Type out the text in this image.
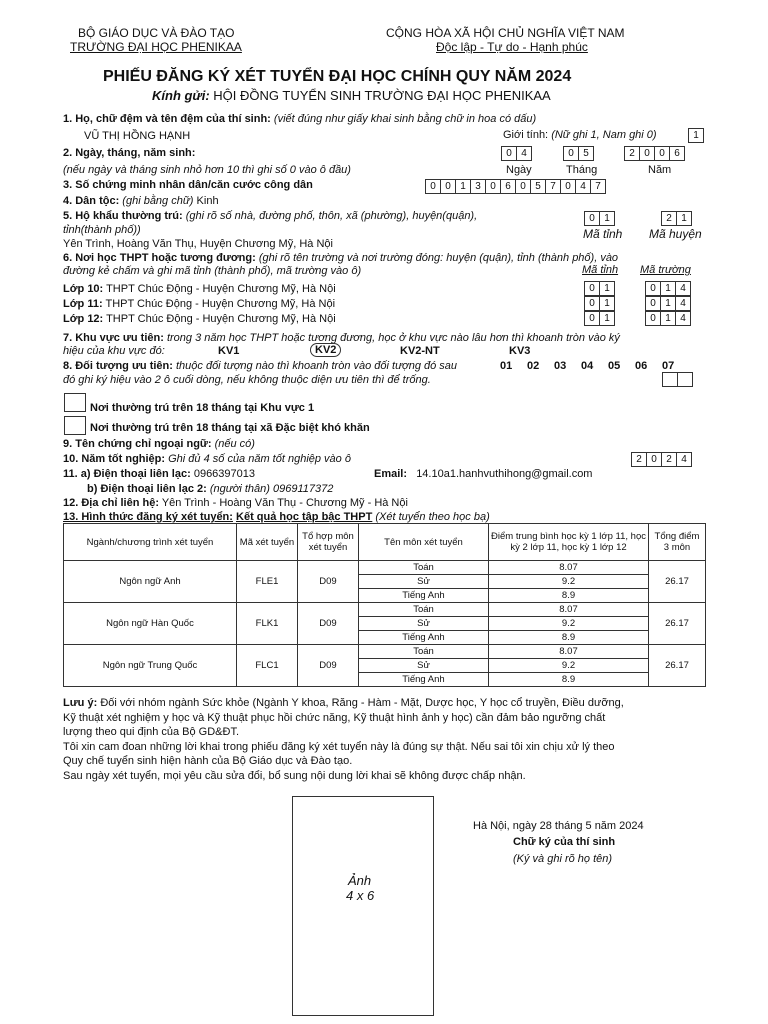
BỘ GIÁO DỤC VÀ ĐÀO TẠO
TRƯỜNG ĐẠI HỌC PHENIKAA
CỘNG HÒA XÃ HỘI CHỦ NGHĨA VIỆT NAM
Độc lập - Tự do - Hạnh phúc
PHIẾU ĐĂNG KÝ XÉT TUYỂN ĐẠI HỌC CHÍNH QUY NĂM 2024
Kính gửi: HỘI ĐỒNG TUYỂN SINH TRƯỜNG ĐẠI HỌC PHENIKAA
1. Họ, chữ đệm và tên đệm của thí sinh: (viết đúng như giấy khai sinh bằng chữ in hoa có dấu)
VŨ THỊ HỒNG HẠNH	Giới tính: (Nữ ghi 1, Nam ghi 0)	1
2. Ngày, tháng, năm sinh:	0 4	0 5	2 0 0 6
(nếu ngày và tháng sinh nhỏ hơn 10 thì ghi số 0 vào ô đầu)	Ngày	Tháng	Năm
3. Số chứng minh nhân dân/căn cước công dân	0 0 1 3 0 6 0 5 7 0 4 7
4. Dân tộc: (ghi bằng chữ) Kinh
5. Hộ khẩu thường trú: (ghi rõ số nhà, đường phố, thôn, xã (phường), huyện(quận),
tỉnh(thành phố))
Yên Trình, Hoàng Văn Thụ, Huyện Chương Mỹ, Hà Nội
0 1	2 1
Mã tỉnh Mã huyện
6. Nơi học THPT hoặc tương đương: (ghi rõ tên trường và nơi trường đóng: huyện (quận), tỉnh (thành phố), vào
đường kẻ chấm và ghi mã tỉnh (thành phố), mã trường vào ô)	Mã tỉnh Mã trường
Lớp 10: THPT Chúc Động - Huyện Chương Mỹ, Hà Nội	0 1	0 1 4
Lớp 11: THPT Chúc Động - Huyện Chương Mỹ, Hà Nội	0 1	0 1 4
Lớp 12: THPT Chúc Động - Huyện Chương Mỹ, Hà Nội	0 1	0 1 4
7. Khu vực ưu tiên: trong 3 năm học THPT hoặc tương đương, học ở khu vực nào lâu hơn thì khoanh tròn vào ký
hiệu của khu vực đó:	KV1	KV2	KV2-NT	KV3
8. Đối tượng ưu tiên: thuộc đối tượng nào thì khoanh tròn vào đối tượng đó sau
đó ghi ký hiệu vào 2 ô cuối dòng, nếu không thuộc diện ưu tiên thì để trống.
01 02 03 04 05 06 07
Nơi thường trú trên 18 tháng tại Khu vực 1
Nơi thường trú trên 18 tháng tại xã Đặc biệt khó khăn
9. Tên chứng chỉ ngoại ngữ: (nếu có)
10. Năm tốt nghiệp: Ghi đủ 4 số của năm tốt nghiệp vào ô	2 0 2 4
11. a) Điện thoại liên lạc: 0966397013	Email: 14.10a1.hanhvuthihong@gmail.com
b) Điện thoại liên lạc 2: (người thân) 0969117372
12. Địa chỉ liên hệ: Yên Trình - Hoàng Văn Thụ - Chương Mỹ - Hà Nội
13. Hình thức đăng ký xét tuyển: Kết quả học tập bậc THPT (Xét tuyển theo học bạ)
Ngành/chương trình xét tuyển	Mã xét tuyển	Tổ hợp môn xét tuyển	Tên môn xét tuyển	Điểm trung bình học kỳ 1 lớp 11, học kỳ 2 lớp 11, học kỳ 1 lớp 12	Tổng điểm 3 môn
Ngôn ngữ Anh	FLE1	D09	Toán	8.07	26.17
			Sử	9.2	
			Tiếng Anh	8.9	
Ngôn ngữ Hàn Quốc	FLK1	D09	Toán	8.07	26.17
			Sử	9.2	
			Tiếng Anh	8.9	
Ngôn ngữ Trung Quốc	FLC1	D09	Toán	8.07	26.17
			Sử	9.2	
			Tiếng Anh	8.9	
Lưu ý: Đối với nhóm ngành Sức khỏe (Ngành Y khoa, Răng - Hàm - Mặt, Dược học, Y học cổ truyền, Điều dưỡng,
Kỹ thuật xét nghiệm y học và Kỹ thuật phục hồi chức năng, Kỹ thuật hình ảnh y học) cần đảm bảo ngưỡng chất
lượng theo qui định của Bộ GD&ĐT.
Tôi xin cam đoan những lời khai trong phiếu đăng ký xét tuyển này là đúng sự thật. Nếu sai tôi xin chịu xử lý theo
Quy chế tuyển sinh hiện hành của Bộ Giáo dục và Đào tạo.
Sau ngày xét tuyển, mọi yêu cầu sửa đổi, bổ sung nội dung lời khai sẽ không được chấp nhận.
Ảnh
4 x 6
Hà Nội, ngày 28 tháng 5 năm 2024
Chữ ký của thí sinh
(Ký và ghi rõ họ tên)
